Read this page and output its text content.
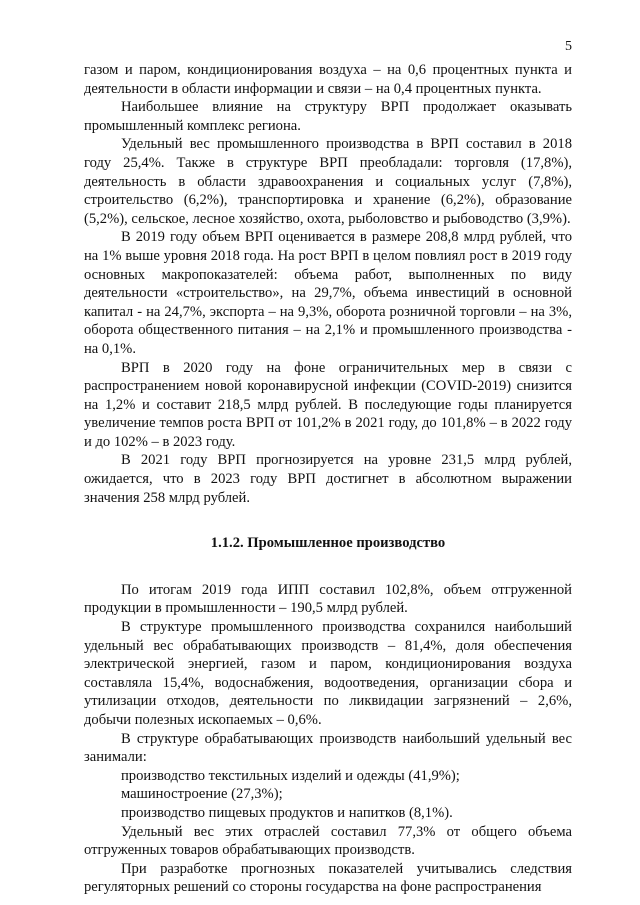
5

газом и паром, кондиционирования воздуха – на 0,6 процентных пункта и деятельности в области информации и связи – на 0,4 процентных пункта.

Наибольшее влияние на структуру ВРП продолжает оказывать промышленный комплекс региона.

Удельный вес промышленного производства в ВРП составил в 2018 году 25,4%. Также в структуре ВРП преобладали: торговля (17,8%), деятельность в области здравоохранения и социальных услуг (7,8%), строительство (6,2%), транспортировка и хранение (6,2%), образование (5,2%), сельское, лесное хозяйство, охота, рыболовство и рыбоводство (3,9%).

В 2019 году объем ВРП оценивается в размере 208,8 млрд рублей, что на 1% выше уровня 2018 года. На рост ВРП в целом повлиял рост в 2019 году основных макропоказателей: объема работ, выполненных по виду деятельности «строительство», на 29,7%, объема инвестиций в основной капитал - на 24,7%, экспорта – на 9,3%, оборота розничной торговли – на 3%, оборота общественного питания – на 2,1% и промышленного производства - на 0,1%.

ВРП в 2020 году на фоне ограничительных мер в связи с распространением новой коронавирусной инфекции (COVID-2019) снизится на 1,2% и составит 218,5 млрд рублей. В последующие годы планируется увеличение темпов роста ВРП от 101,2% в 2021 году, до 101,8% – в 2022 году и до 102% – в 2023 году.

В 2021 году ВРП прогнозируется на уровне 231,5 млрд рублей, ожидается, что в 2023 году ВРП достигнет в абсолютном выражении значения 258 млрд рублей.

1.1.2. Промышленное производство

По итогам 2019 года ИПП составил 102,8%, объем отгруженной продукции в промышленности – 190,5 млрд рублей.

В структуре промышленного производства сохранился наибольший удельный вес обрабатывающих производств – 81,4%, доля обеспечения электрической энергией, газом и паром, кондиционирования воздуха составляла 15,4%, водоснабжения, водоотведения, организации сбора и утилизации отходов, деятельности по ликвидации загрязнений – 2,6%, добычи полезных ископаемых – 0,6%.

В структуре обрабатывающих производств наибольший удельный вес занимали:

производство текстильных изделий и одежды (41,9%);

машиностроение (27,3%);

производство пищевых продуктов и напитков (8,1%).

Удельный вес этих отраслей составил 77,3% от общего объема отгруженных товаров обрабатывающих производств.

При разработке прогнозных показателей учитывались следствия регуляторных решений со стороны государства на фоне распространения
